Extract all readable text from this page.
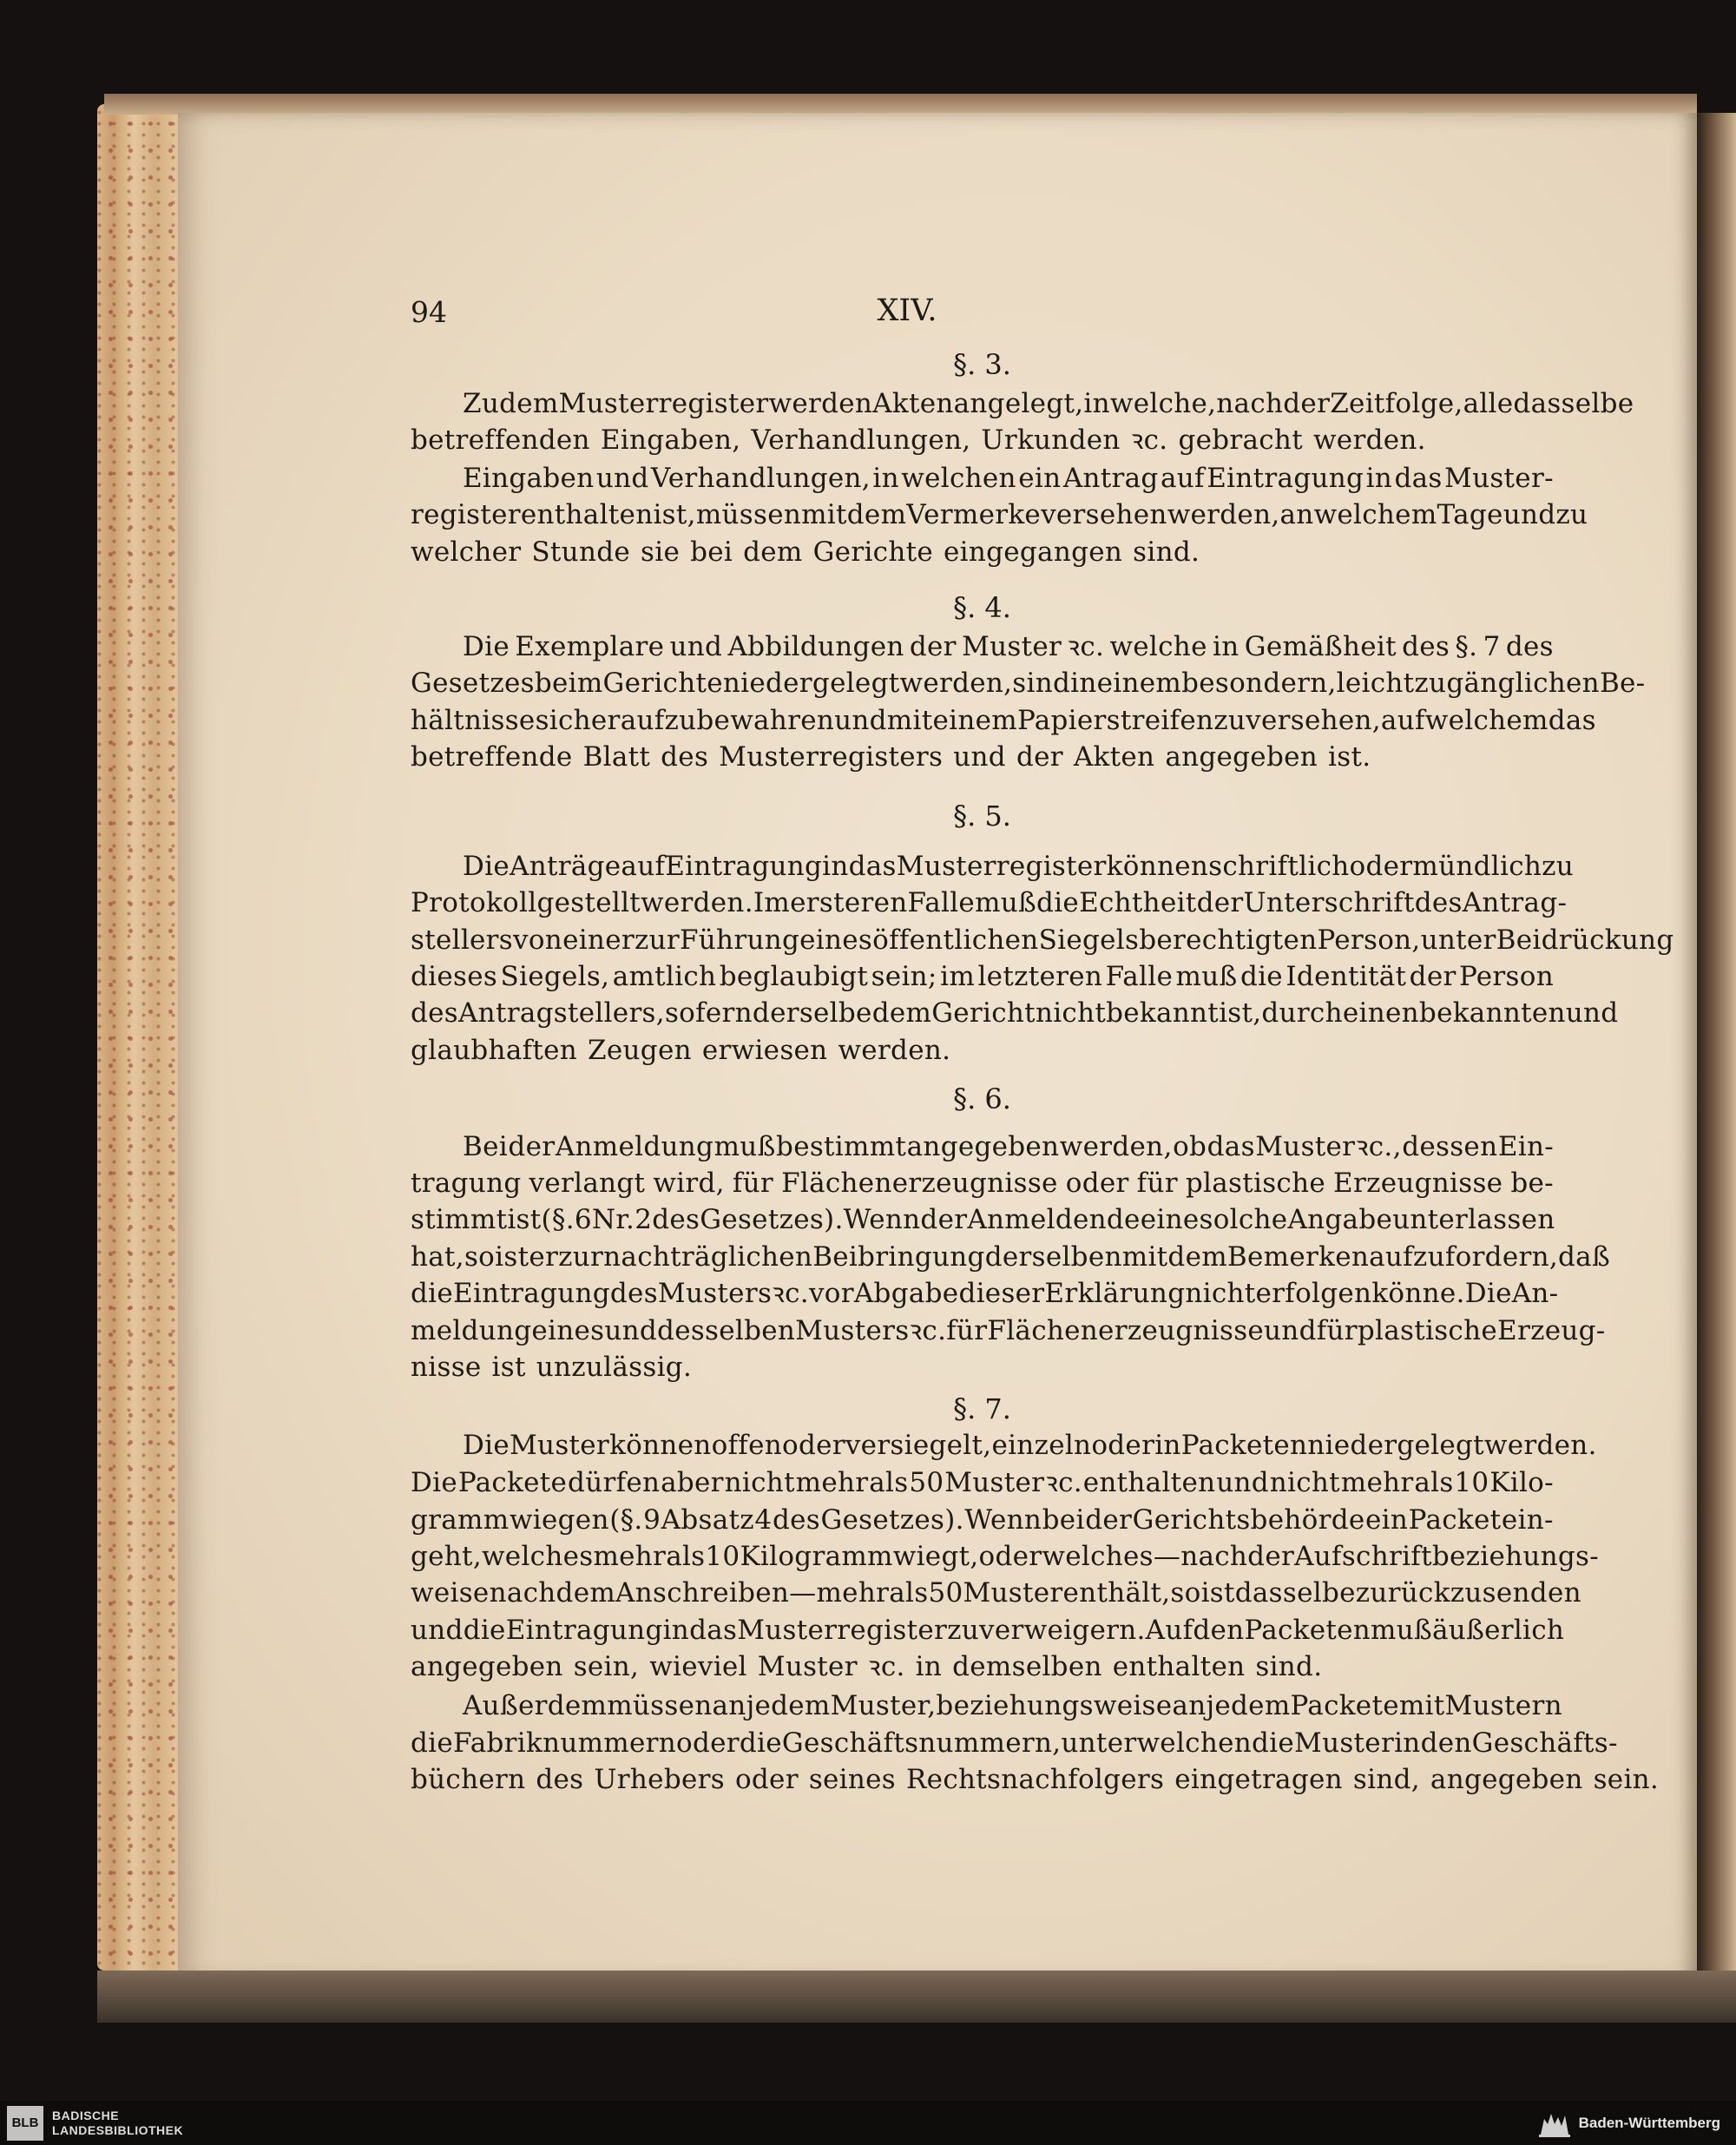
94	XIV.
§. 3.
Zu dem Musterregister werden Akten angelegt, in welche, nach der Zeitfolge, alle dasselbe
betreffenden Eingaben, Verhandlungen, Urkunden ꝛc. gebracht werden.
Eingaben und Verhandlungen, in welchen ein Antrag auf Eintragung in das Muster-
register enthalten ist, müssen mit dem Vermerke versehen werden, an welchem Tage und zu
welcher Stunde sie bei dem Gerichte eingegangen sind.
§. 4.
Die Exemplare und Abbildungen der Muster ꝛc. welche in Gemäßheit des §. 7 des
Gesetzes beim Gerichte niedergelegt werden, sind in einem besondern, leicht zugänglichen Be-
hältnisse sicher aufzubewahren und mit einem Papierstreifen zu versehen, auf welchem das
betreffende Blatt des Musterregisters und der Akten angegeben ist.
§. 5.
Die Anträge auf Eintragung in das Musterregister können schriftlich oder mündlich zu
Protokoll gestellt werden. Im ersteren Falle muß die Echtheit der Unterschrift des Antrag-
stellers von einer zur Führung eines öffentlichen Siegels berechtigten Person, unter Beidrückung
dieses Siegels, amtlich beglaubigt sein; im letzteren Falle muß die Identität der Person
des Antragstellers, sofern derselbe dem Gericht nicht bekannt ist, durch einen bekannten und
glaubhaften Zeugen erwiesen werden.
§. 6.
Bei der Anmeldung muß bestimmt angegeben werden, ob das Muster ꝛc., dessen Ein-
tragung verlangt wird, für Flächenerzeugnisse oder für plastische Erzeugnisse be-
stimmt ist (§. 6 Nr. 2 des Gesetzes). Wenn der Anmeldende eine solche Angabe unterlassen
hat, so ist er zur nachträglichen Beibringung derselben mit dem Bemerken aufzufordern, daß
die Eintragung des Musters ꝛc. vor Abgabe dieser Erklärung nicht erfolgen könne. Die An-
meldung eines und desselben Musters ꝛc. für Flächenerzeugnisse und für plastische Erzeug-
nisse ist unzulässig.
§. 7.
Die Muster können offen oder versiegelt, einzeln oder in Packeten niedergelegt werden.
Die Packete dürfen aber nicht mehr als 50 Muster ꝛc. enthalten und nicht mehr als 10 Kilo-
gramm wiegen (§. 9 Absatz 4 des Gesetzes). Wenn bei der Gerichtsbehörde ein Packet ein-
geht, welches mehr als 10 Kilogramm wiegt, oder welches — nach der Aufschrift beziehungs-
weise nach dem Anschreiben — mehr als 50 Muster enthält, so ist dasselbe zurückzusenden
und die Eintragung in das Musterregister zu verweigern. Auf den Packeten muß äußerlich
angegeben sein, wieviel Muster ꝛc. in demselben enthalten sind.
Außerdem müssen an jedem Muster, beziehungsweise an jedem Packete mit Mustern
die Fabriknummern oder die Geschäftsnummern, unter welchen die Muster in den Geschäfts-
büchern des Urhebers oder seines Rechtsnachfolgers eingetragen sind, angegeben sein.
BLB
BADISCHE
LANDESBIBLIOTHEK	Baden-Württemberg
